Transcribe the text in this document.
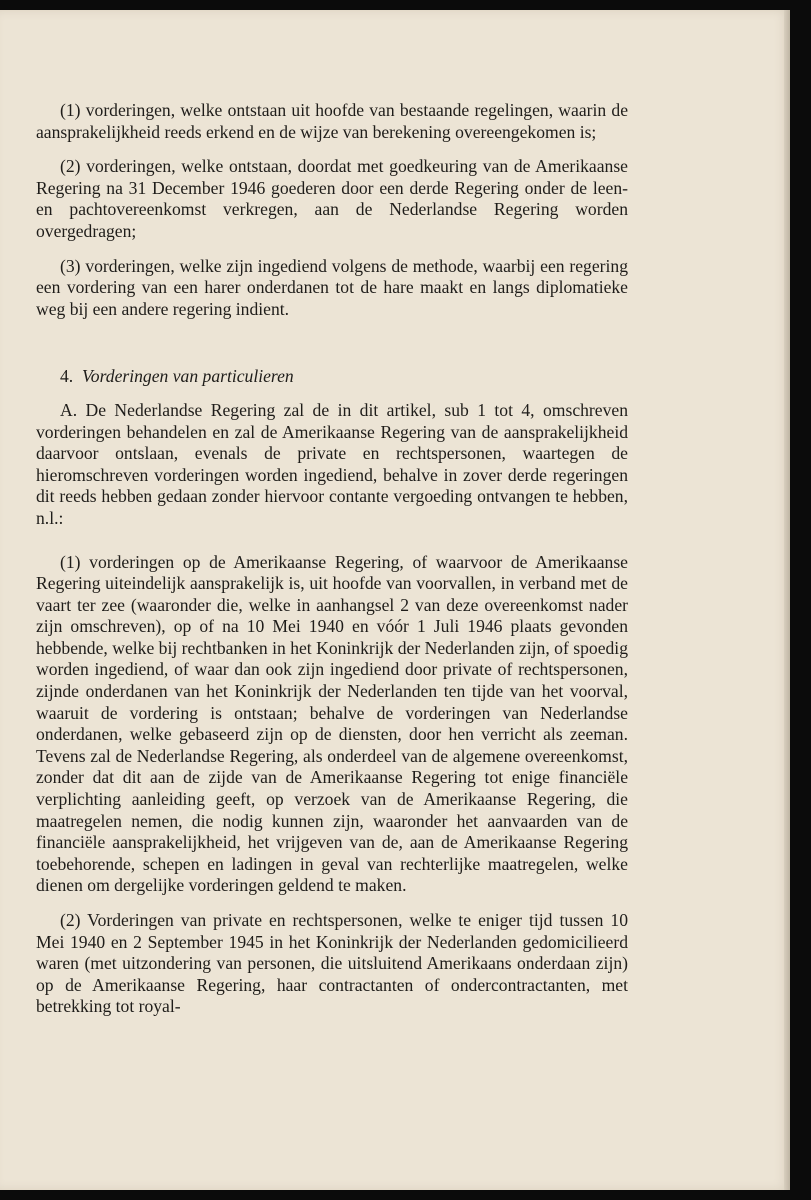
(1) vorderingen, welke ontstaan uit hoofde van bestaande regelingen, waarin de aansprakelijkheid reeds erkend en de wijze van berekening overeengekomen is;

(2) vorderingen, welke ontstaan, doordat met goedkeuring van de Amerikaanse Regering na 31 December 1946 goederen door een derde Regering onder de leen- en pachtovereenkomst verkregen, aan de Nederlandse Regering worden overgedragen;

(3) vorderingen, welke zijn ingediend volgens de methode, waarbij een regering een vordering van een harer onderdanen tot de hare maakt en langs diplomatieke weg bij een andere regering indient.

4. Vorderingen van particulieren

A. De Nederlandse Regering zal de in dit artikel, sub 1 tot 4, omschreven vorderingen behandelen en zal de Amerikaanse Regering van de aansprakelijkheid daarvoor ontslaan, evenals de private en rechtspersonen, waartegen de hieromschreven vorderingen worden ingediend, behalve in zover derde regeringen dit reeds hebben gedaan zonder hiervoor contante vergoeding ontvangen te hebben, n.l.:

(1) vorderingen op de Amerikaanse Regering, of waarvoor de Amerikaanse Regering uiteindelijk aansprakelijk is, uit hoofde van voorvallen, in verband met de vaart ter zee (waaronder die, welke in aanhangsel 2 van deze overeenkomst nader zijn omschreven), op of na 10 Mei 1940 en vóór 1 Juli 1946 plaats gevonden hebbende, welke bij rechtbanken in het Koninkrijk der Nederlanden zijn, of spoedig worden ingediend, of waar dan ook zijn ingediend door private of rechtspersonen, zijnde onderdanen van het Koninkrijk der Nederlanden ten tijde van het voorval, waaruit de vordering is ontstaan; behalve de vorderingen van Nederlandse onderdanen, welke gebaseerd zijn op de diensten, door hen verricht als zeeman. Tevens zal de Nederlandse Regering, als onderdeel van de algemene overeenkomst, zonder dat dit aan de zijde van de Amerikaanse Regering tot enige financiële verplichting aanleiding geeft, op verzoek van de Amerikaanse Regering, die maatregelen nemen, die nodig kunnen zijn, waaronder het aanvaarden van de financiële aansprakelijkheid, het vrijgeven van de, aan de Amerikaanse Regering toebehorende, schepen en ladingen in geval van rechterlijke maatregelen, welke dienen om dergelijke vorderingen geldend te maken.

(2) Vorderingen van private en rechtspersonen, welke te eniger tijd tussen 10 Mei 1940 en 2 September 1945 in het Koninkrijk der Nederlanden gedomicilieerd waren (met uitzondering van personen, die uitsluitend Amerikaans onderdaan zijn) op de Amerikaanse Regering, haar contractanten of ondercontractanten, met betrekking tot royal-
